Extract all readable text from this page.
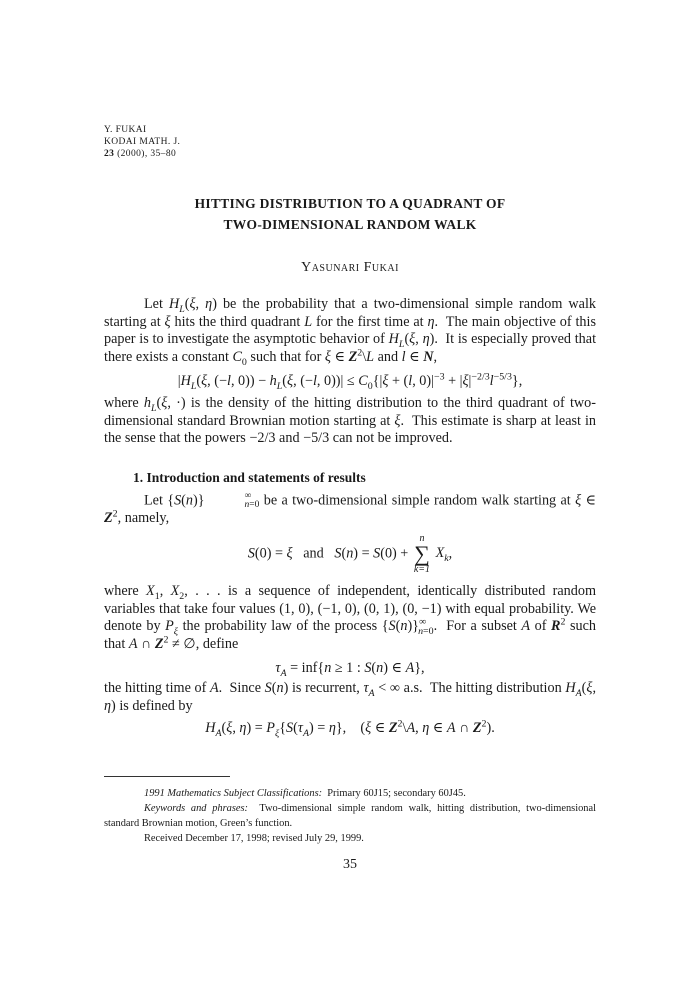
Y. FUKAI
KODAI MATH. J.
23 (2000), 35–80
HITTING DISTRIBUTION TO A QUADRANT OF
TWO-DIMENSIONAL RANDOM WALK
Yasunari Fukai

Let $H_L(\xi$, η) be the probability that a two-dimensional simple random walk starting at ξ hits the third quadrant L for the first time at η.  The main objective of this paper is to investigate the asymptotic behavior of $H_L(\xi$, η).  It is especially proved that there exists a constant $C_0$ such that for ξ ∈ $Z^2\backslash L$ and l ∈ N,

$|H_L(\xi$, (−l, $0)) - h_L(\xi$, (−l, $0))| \le C_0\{|\xi + (l$, $0)|^{-3} + |\xi|^{-2/3}l^{-5/3}$},

where $h_L(\xi$, ·) is the density of the hitting distribution to the third quadrant of two-dimensional standard Brownian motion starting at ξ.  This estimate is sharp at least in the sense that the powers −2/3 and −5/3 can not be improved.

1. Introduction and statements of results

Let {S(n)}	∞
n=0 be a two-dimensional simple random walk starting at ξ ∈ $Z^2$, namely,

S(0) = ξ   and   S(n) = S(0) +
n
∑
k=1
$X_k$,

where $X_1$, $X_2$, . . . is a sequence of independent, identically distributed random variables that take four values (1, 0), (−1, 0), (0, 1), (0, −1) with equal probability. We denote by $P_\xi$ the probability law of the process $\{S(n)\}^\infty_{n=0}$.  For a subset A of $R^2$ such that A ∩ $Z^2$ ≠ ∅, define

$\tau_A = inf\{n \ge 1$ : S(n) ∈ A},

the hitting time of A.  Since S(n) is recurrent, $\tau_A$ < ∞ a.s.  The hitting distribution $H_A(\xi$, η) is defined by

$H_A(\xi$, $\eta) = P_\xi\{S(\tau_A) = \eta\}$,    (ξ ∈ $Z^2\backslash A$, η ∈ A ∩ $Z^2$).

1991 Mathematics Subject Classifications: Primary 60J15; secondary 60J45.

Keywords and phrases: Two-dimensional simple random walk, hitting distribution, two-dimensional standard Brownian motion, Green’s function.

Received December 17, 1998; revised July 29, 1999.

35
